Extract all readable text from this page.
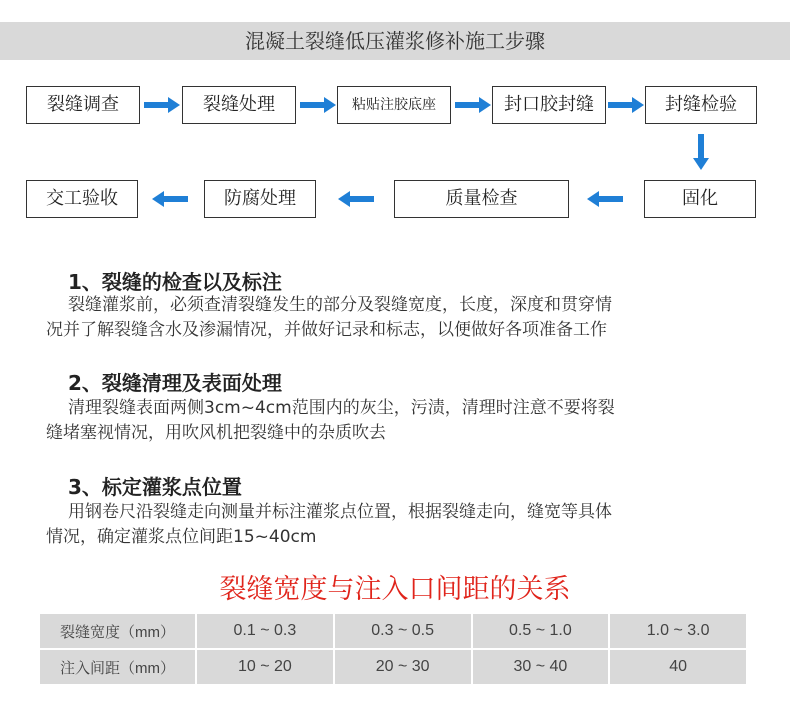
混凝土裂缝低压灌浆修补施工步骤
裂缝调查	裂缝处理	粘贴注胶底座	封口胶封缝	封缝检验
固化
质量检查
防腐处理
交工验收
1、裂缝的检查以及标注

裂缝灌浆前，必须查清裂缝发生的部分及裂缝宽度，长度，深度和贯穿情

况并了解裂缝含水及渗漏情况，并做好记录和标志，以便做好各项准备工作

2、裂缝清理及表面处理

清理裂缝表面两侧3cm~4cm范围内的灰尘，污渍，清理时注意不要将裂

缝堵塞视情况，用吹风机把裂缝中的杂质吹去

3、标定灌浆点位置

用钢卷尺沿裂缝走向测量并标注灌浆点位置，根据裂缝走向，缝宽等具体

情况，确定灌浆点位间距15~40cm

裂缝宽度与注入口间距的关系
裂缝宽度（mm）	0.1 ~ 0.3	0.3 ~ 0.5	0.5 ~ 1.0	1.0 ~ 3.0
注入间距（mm）	10 ~ 20	20 ~ 30	30 ~ 40	40
